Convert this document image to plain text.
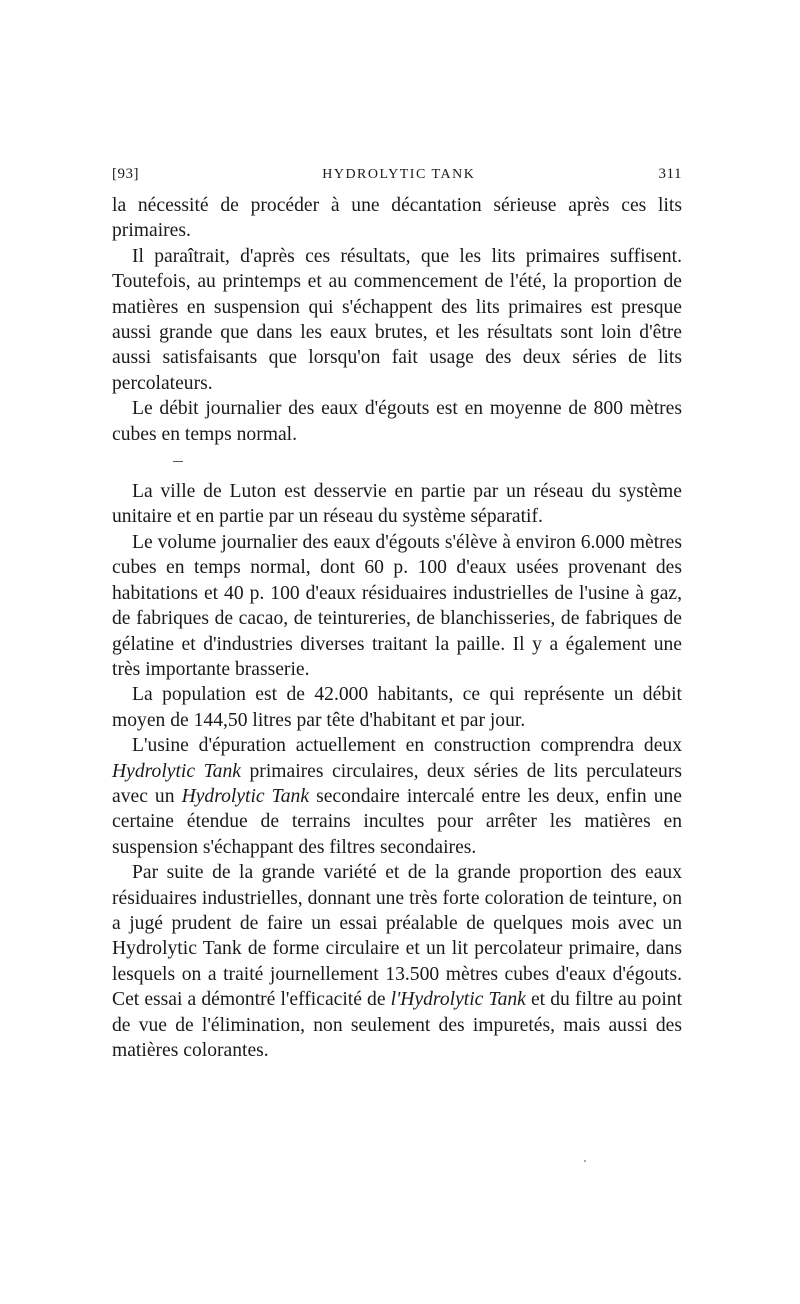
[93]	HYDROLYTIC TANK	311

la nécessité de procéder à une décantation sérieuse après ces lits primaires.

Il paraîtrait, d'après ces résultats, que les lits primaires suffisent. Toutefois, au printemps et au commencement de l'été, la proportion de matières en suspension qui s'échappent des lits primaires est presque aussi grande que dans les eaux brutes, et les résultats sont loin d'être aussi satisfaisants que lorsqu'on fait usage des deux séries de lits percolateurs.

Le débit journalier des eaux d'égouts est en moyenne de 800 mètres cubes en temps normal.

La ville de Luton est desservie en partie par un réseau du système unitaire et en partie par un réseau du système séparatif.

Le volume journalier des eaux d'égouts s'élève à environ 6.000 mètres cubes en temps normal, dont 60 p. 100 d'eaux usées provenant des habitations et 40 p. 100 d'eaux résiduaires industrielles de l'usine à gaz, de fabriques de cacao, de teintureries, de blanchisseries, de fabriques de gélatine et d'industries diverses traitant la paille. Il y a également une très importante brasserie.

La population est de 42.000 habitants, ce qui représente un débit moyen de 144,50 litres par tête d'habitant et par jour.

L'usine d'épuration actuellement en construction comprendra deux Hydrolytic Tank primaires circulaires, deux séries de lits perculateurs avec un Hydrolytic Tank secondaire intercalé entre les deux, enfin une certaine étendue de terrains incultes pour arrêter les matières en suspension s'échappant des filtres secondaires.

Par suite de la grande variété et de la grande proportion des eaux résiduaires industrielles, donnant une très forte coloration de teinture, on a jugé prudent de faire un essai préalable de quelques mois avec un Hydrolytic Tank de forme circulaire et un lit percolateur primaire, dans lesquels on a traité journellement 13.500 mètres cubes d'eaux d'égouts. Cet essai a démontré l'efficacité de l'Hydrolytic Tank et du filtre au point de vue de l'élimination, non seulement des impuretés, mais aussi des matières colorantes.
